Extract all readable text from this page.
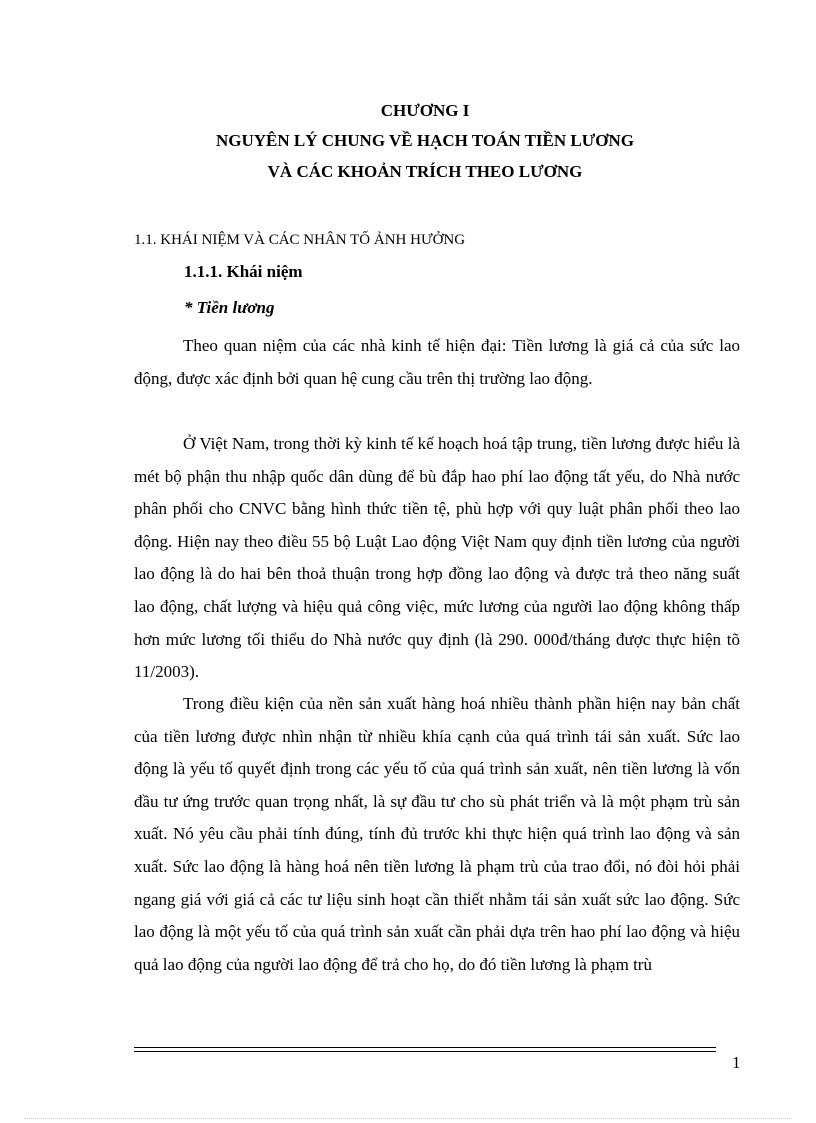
CHƯƠNG I
NGUYÊN LÝ CHUNG VỀ HẠCH TOÁN TIỀN LƯƠNG
VÀ CÁC KHOẢN TRÍCH THEO LƯƠNG
1.1. KHÁI NIỆM VÀ CÁC NHÂN TỐ ẢNH HƯỞNG
1.1.1. Khái niệm
* Tiền lương

Theo quan niệm của các nhà kinh tế hiện đại: Tiền lương là giá cả của sức lao động, được xác định bởi quan hệ cung cầu trên thị trường lao động.

Ở Việt Nam, trong thời kỳ kinh tế kế hoạch hoá tập trung, tiền lương được hiểu là mét bộ phận thu nhập quốc dân dùng để bù đắp hao phí lao động tất yếu, do Nhà nước phân phối cho CNVC bằng hình thức tiền tệ, phù hợp với quy luật phân phối theo lao động. Hiện nay theo điều 55 bộ Luật Lao động Việt Nam quy định tiền lương của người lao động là do hai bên thoả thuận trong hợp đồng lao động và được trả theo năng suất lao động, chất lượng và hiệu quả công việc, mức lương của người lao động không thấp hơn mức lương tối thiểu do Nhà nước quy định (là 290. 000đ/tháng được thực hiện tõ 11/2003).

Trong điều kiện của nền sản xuất hàng hoá nhiều thành phần hiện nay bản chất của tiền lương được nhìn nhận từ nhiều khía cạnh của quá trình tái sản xuất. Sức lao động là yếu tố quyết định trong các yếu tố của quá trình sản xuất, nên tiền lương là vốn đầu tư ứng trước quan trọng nhất, là sự đầu tư cho sù phát triển và là một phạm trù sản xuất. Nó yêu cầu phải tính đúng, tính đủ trước khi thực hiện quá trình lao động và sản xuất. Sức lao động là hàng hoá nên tiền lương là phạm trù của trao đổi, nó đòi hỏi phải ngang giá với giá cả các tư liệu sinh hoạt cần thiết nhằm tái sản xuất sức lao động. Sức lao động là một yếu tố của quá trình sản xuất cần phải dựa trên hao phí lao động và hiệu quả lao động của người lao động để trả cho họ, do đó tiền lương là phạm trù

1
